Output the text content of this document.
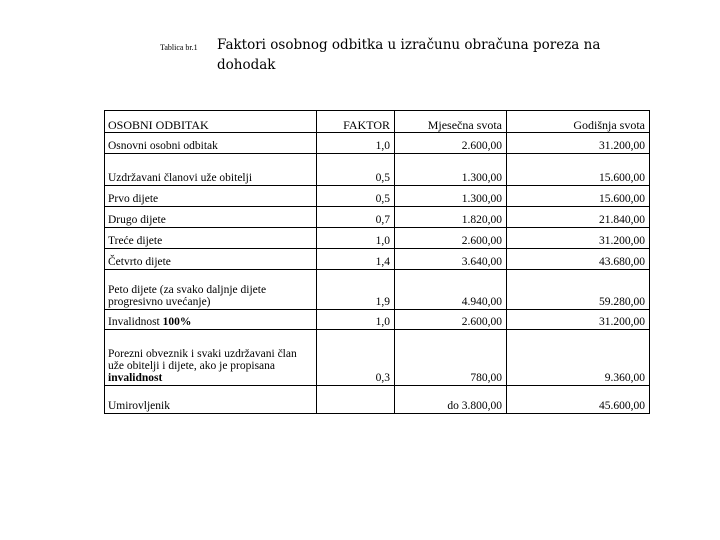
Tablica br.1 Faktori osobnog odbitka u izračunu obračuna poreza na dohodak
OSOBNI ODBITAK	FAKTOR	Mjesečna svota	Godišnja svota
Osnovni osobni odbitak	1,0	2.600,00	31.200,00
Uzdržavani članovi uže obitelji	0,5	1.300,00	15.600,00
Prvo dijete	0,5	1.300,00	15.600,00
Drugo dijete	0,7	1.820,00	21.840,00
Treće dijete	1,0	2.600,00	31.200,00
Četvrto dijete	1,4	3.640,00	43.680,00
Peto dijete (za svako daljnje dijete progresivno uvećanje)	1,9	4.940,00	59.280,00
Invalidnost 100%	1,0	2.600,00	31.200,00
Porezni obveznik i svaki uzdržavani član uže obitelji i dijete, ako je propisana invalidnost	0,3	780,00	9.360,00
Umirovljenik		do 3.800,00	45.600,00
